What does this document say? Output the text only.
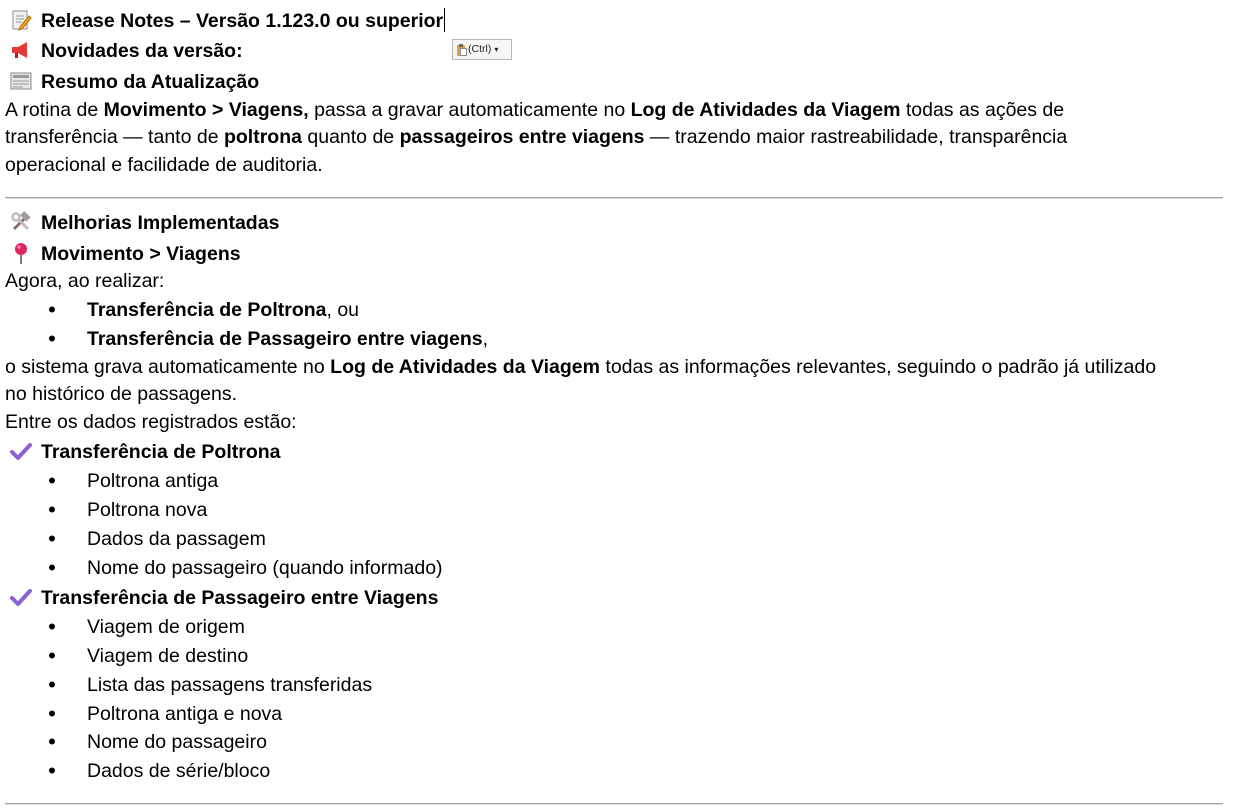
Release Notes – Versão 1.123.0 ou superior
(Ctrl) ▾
Novidades da versão:
Resumo da Atualização
A rotina de Movimento > Viagens, passa a gravar automaticamente no Log de Atividades da Viagem todas as ações de
transferência — tanto de poltrona quanto de passageiros entre viagens — trazendo maior rastreabilidade, transparência
operacional e facilidade de auditoria.
Melhorias Implementadas
Movimento > Viagens
Agora, ao realizar:
• Transferência de Poltrona, ou
• Transferência de Passageiro entre viagens,
o sistema grava automaticamente no Log de Atividades da Viagem todas as informações relevantes, seguindo o padrão já utilizado
no histórico de passagens.
Entre os dados registrados estão:
Transferência de Poltrona
• Poltrona antiga
• Poltrona nova
• Dados da passagem
• Nome do passageiro (quando informado)
Transferência de Passageiro entre Viagens
• Viagem de origem
• Viagem de destino
• Lista das passagens transferidas
• Poltrona antiga e nova
• Nome do passageiro
• Dados de série/bloco
